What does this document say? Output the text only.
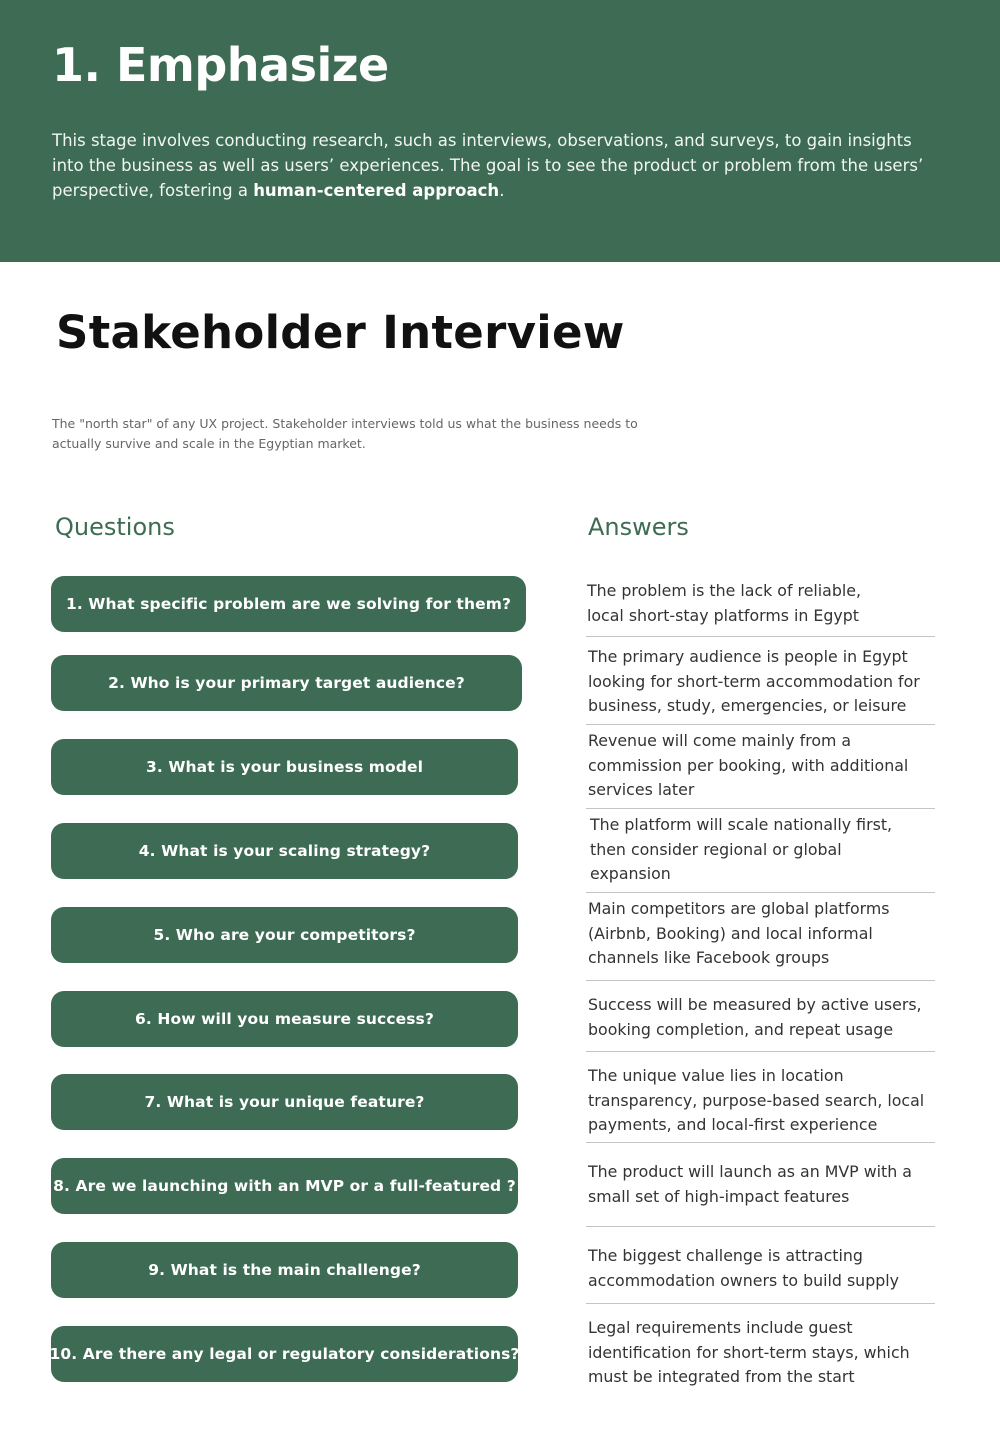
1. Emphasize

This stage involves conducting research, such as interviews, observations, and surveys, to gain insights into the business as well as users’ experiences. The goal is to see the product or problem from the users’ perspective, fostering a human-centered approach.

Stakeholder Interview

The "north star" of any UX project. Stakeholder interviews told us what the business needs to actually survive and scale in the Egyptian market.

Questions	Answers
1. What specific problem are we solving for them?
2. Who is your primary target audience?
3. What is your business model
4. What is your scaling strategy?
5. Who are your competitors?
6. How will you measure success?
7. What is your unique feature?
8. Are we launching with an MVP or a full-featured ?
9. What is the main challenge?
10. Are there any legal or regulatory considerations?

The problem is the lack of reliable, local short-stay platforms in Egypt

The primary audience is people in Egypt looking for short-term accommodation for business, study, emergencies, or leisure

Revenue will come mainly from a commission per booking, with additional services later

The platform will scale nationally first, then consider regional or global expansion

Main competitors are global platforms (Airbnb, Booking) and local informal channels like Facebook groups

Success will be measured by active users, booking completion, and repeat usage

The unique value lies in location transparency, purpose-based search, local payments, and local-first experience

The product will launch as an MVP with a small set of high-impact features

The biggest challenge is attracting accommodation owners to build supply

Legal requirements include guest identification for short-term stays, which must be integrated from the start
